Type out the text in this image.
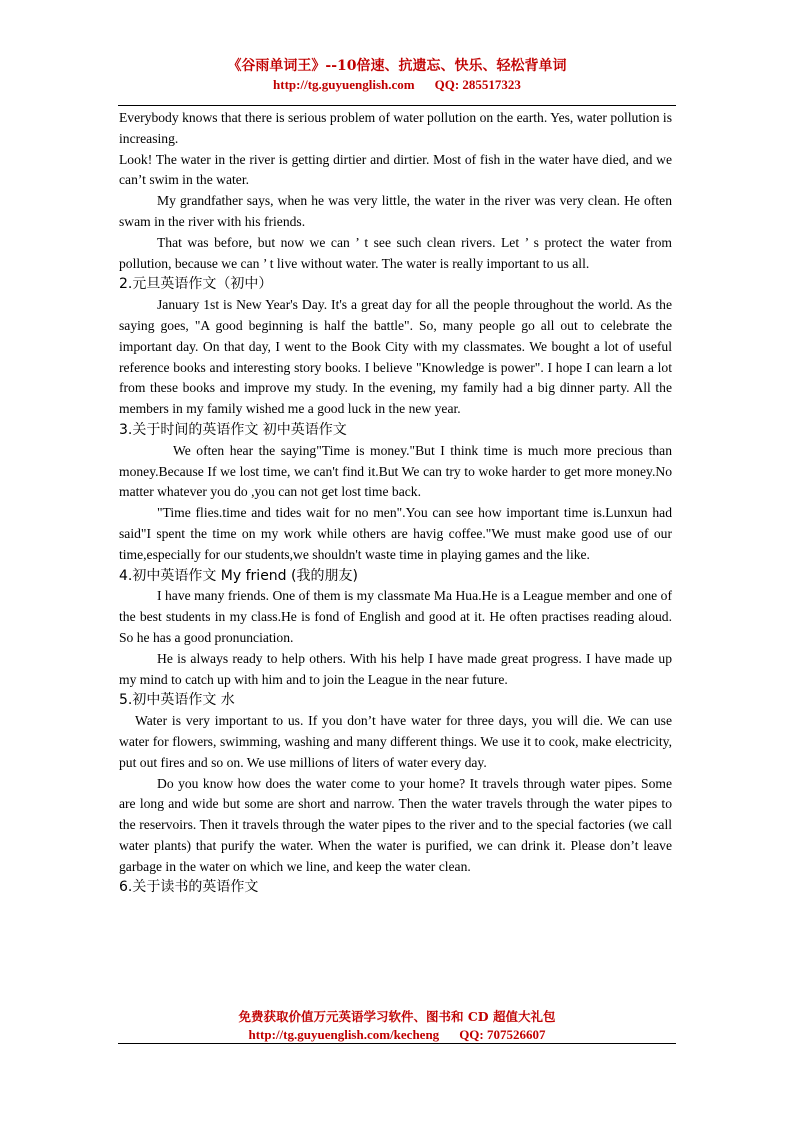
《谷雨单词王》--10倍速、抗遗忘、快乐、轻松背单词
http://tg.guyuenglish.com QQ: 285517323

Everybody knows that there is serious problem of water pollution on the earth. Yes, water pollution is increasing.

Look! The water in the river is getting dirtier and dirtier. Most of fish in the water have died, and we can’t swim in the water.

My grandfather says, when he was very little, the water in the river was very clean. He often swam in the river with his friends.

That was before, but now we can ’ t see such clean rivers. Let ’ s protect the water from pollution, because we can ’ t live without water. The water is really important to us all.

2.元旦英语作文（初中）

January 1st is New Year's Day. It's a great day for all the people throughout the world. As the saying goes, "A good beginning is half the battle". So, many people go all out to celebrate the important day. On that day, I went to the Book City with my classmates. We bought a lot of useful reference books and interesting story books. I believe "Knowledge is power". I hope I can learn a lot from these books and improve my study. In the evening, my family had a big dinner party. All the members in my family wished me a good luck in the new year.

3.关于时间的英语作文 初中英语作文

We often hear the saying"Time is money."But I think time is much more precious than money.Because If we lost time, we can't find it.But We can try to woke harder to get more money.No matter whatever you do ,you can not get lost time back.

"Time flies.time and tides wait for no men".You can see how important time is.Lunxun had said"I spent the time on my work while others are havig coffee."We must make good use of our time,especially for our students,we shouldn't waste time in playing games and the like.

4.初中英语作文 My friend (我的朋友)

I have many friends. One of them is my classmate Ma Hua.He is a League member and one of the best students in my class.He is fond of English and good at it. He often practises reading aloud. So he has a good pronunciation.

He is always ready to help others. With his help I have made great progress. I have made up my mind to catch up with him and to join the League in the near future.

5.初中英语作文 水

Water is very important to us. If you don’t have water for three days, you will die. We can use water for flowers, swimming, washing and many different things. We use it to cook, make electricity, put out fires and so on. We use millions of liters of water every day.

Do you know how does the water come to your home? It travels through water pipes. Some are long and wide but some are short and narrow. Then the water travels through the water pipes to the reservoirs. Then it travels through the water pipes to the river and to the special factories (we call water plants) that purify the water. When the water is purified, we can drink it. Please don’t leave garbage in the water on which we line, and keep the water clean.

6.关于读书的英语作文

免费获取价值万元英语学习软件、图书和 CD 超值大礼包
http://tg.guyuenglish.com/kecheng QQ: 707526607
